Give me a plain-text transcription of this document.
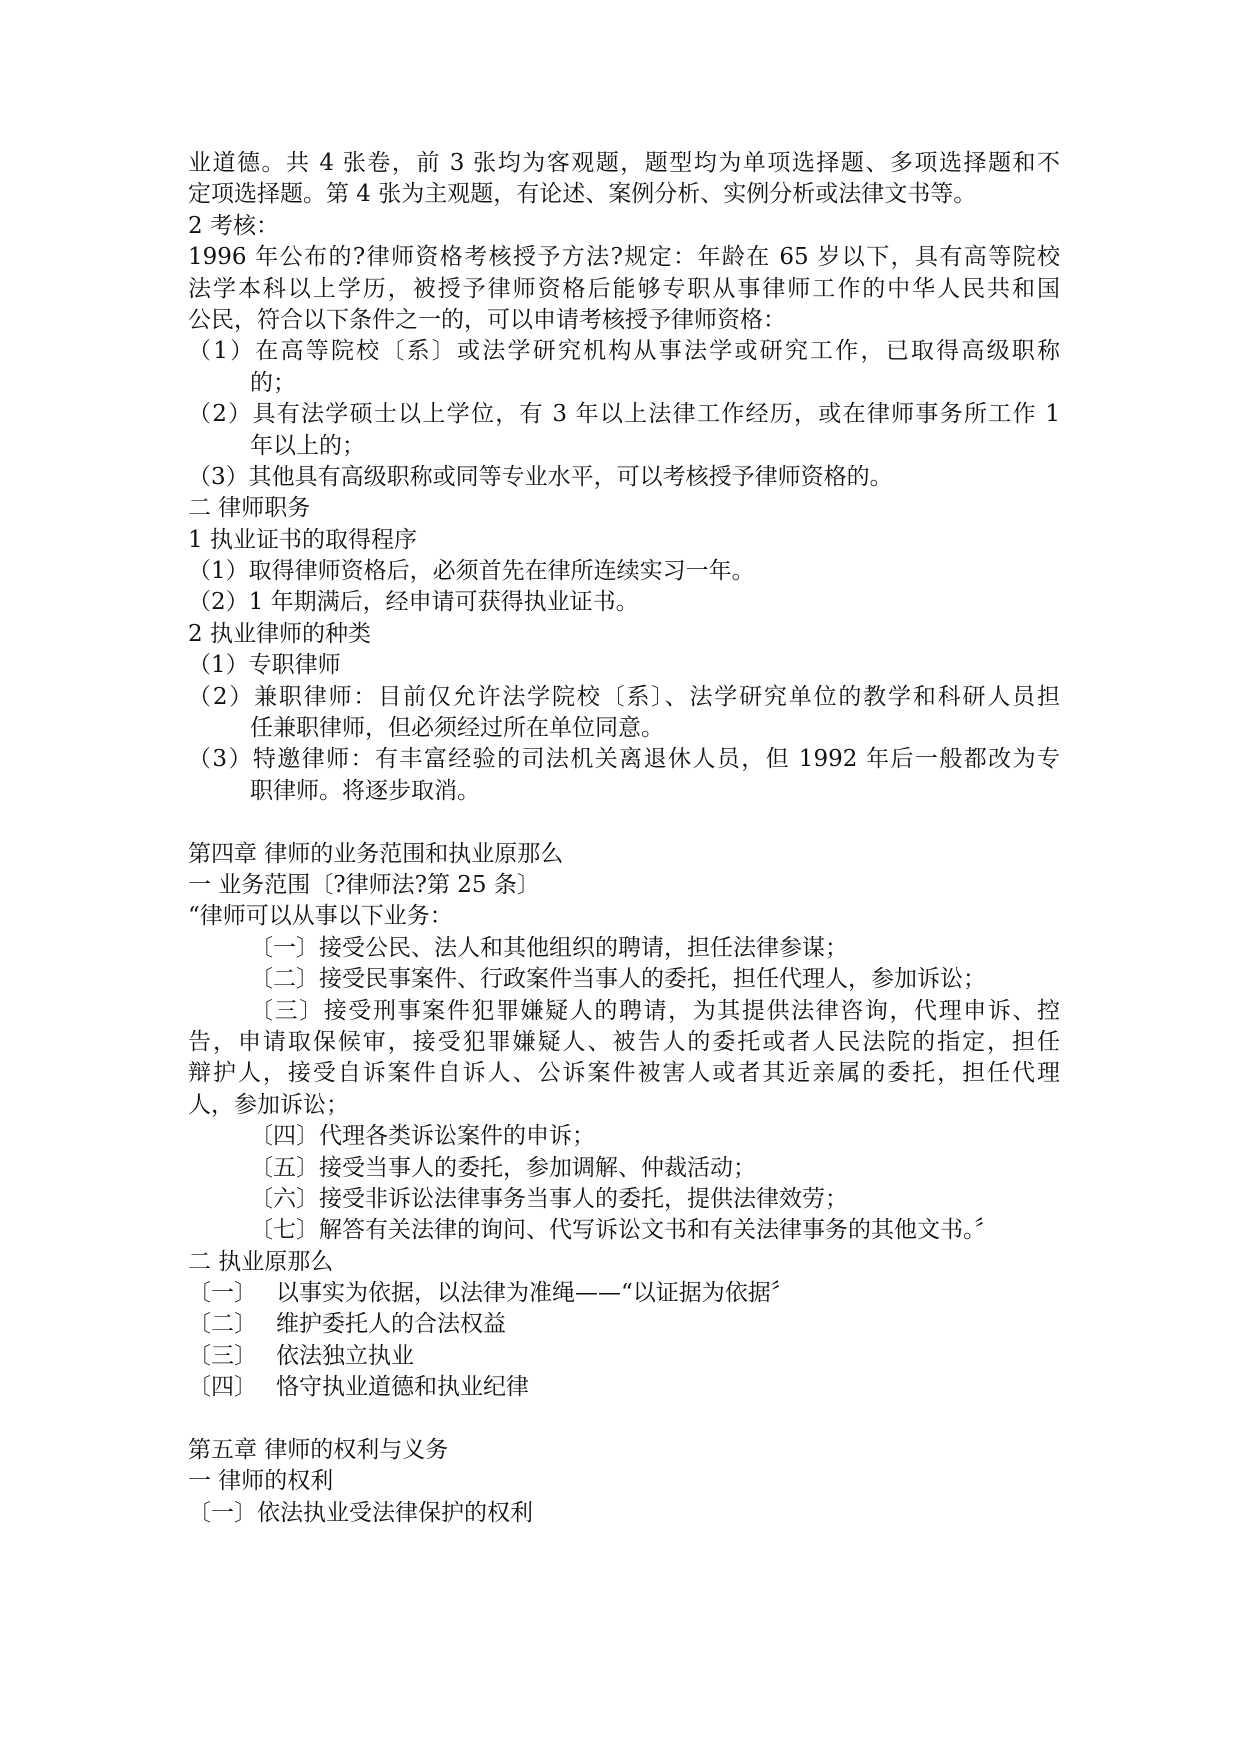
业道德。共 4 张卷，前 3 张均为客观题，题型均为单项选择题、多项选择题和不
定项选择题。第 4 张为主观题，有论述、案例分析、实例分析或法律文书等。
2 考核：
1996 年公布的?律师资格考核授予方法?规定：年龄在 65 岁以下，具有高等院校
法学本科以上学历，被授予律师资格后能够专职从事律师工作的中华人民共和国
公民，符合以下条件之一的，可以申请考核授予律师资格：
（1）在高等院校〔系〕或法学研究机构从事法学或研究工作，已取得高级职称
的；
（2）具有法学硕士以上学位，有 3 年以上法律工作经历，或在律师事务所工作 1
年以上的；
（3）其他具有高级职称或同等专业水平，可以考核授予律师资格的。
二 律师职务
1 执业证书的取得程序
（1）取得律师资格后，必须首先在律所连续实习一年。
（2）1 年期满后，经申请可获得执业证书。
2 执业律师的种类
（1）专职律师
（2）兼职律师：目前仅允许法学院校〔系〕、法学研究单位的教学和科研人员担
任兼职律师，但必须经过所在单位同意。
（3）特邀律师：有丰富经验的司法机关离退休人员，但 1992 年后一般都改为专
职律师。将逐步取消。
第四章 律师的业务范围和执业原那么
一 业务范围〔?律师法?第 25 条〕
“律师可以从事以下业务：
〔一〕接受公民、法人和其他组织的聘请，担任法律参谋；
〔二〕接受民事案件、行政案件当事人的委托，担任代理人，参加诉讼；
〔三〕接受刑事案件犯罪嫌疑人的聘请，为其提供法律咨询，代理申诉、控
告，申请取保候审，接受犯罪嫌疑人、被告人的委托或者人民法院的指定，担任
辩护人，接受自诉案件自诉人、公诉案件被害人或者其近亲属的委托，担任代理
人，参加诉讼；
〔四〕代理各类诉讼案件的申诉；
〔五〕接受当事人的委托，参加调解、仲裁活动；
〔六〕接受非诉讼法律事务当事人的委托，提供法律效劳；
〔七〕解答有关法律的询问、代写诉讼文书和有关法律事务的其他文书。〞
二 执业原那么
〔一〕 以事实为依据，以法律为准绳——“以证据为依据〞
〔二〕 维护委托人的合法权益
〔三〕 依法独立执业
〔四〕 恪守执业道德和执业纪律
第五章 律师的权利与义务
一 律师的权利
〔一〕依法执业受法律保护的权利
